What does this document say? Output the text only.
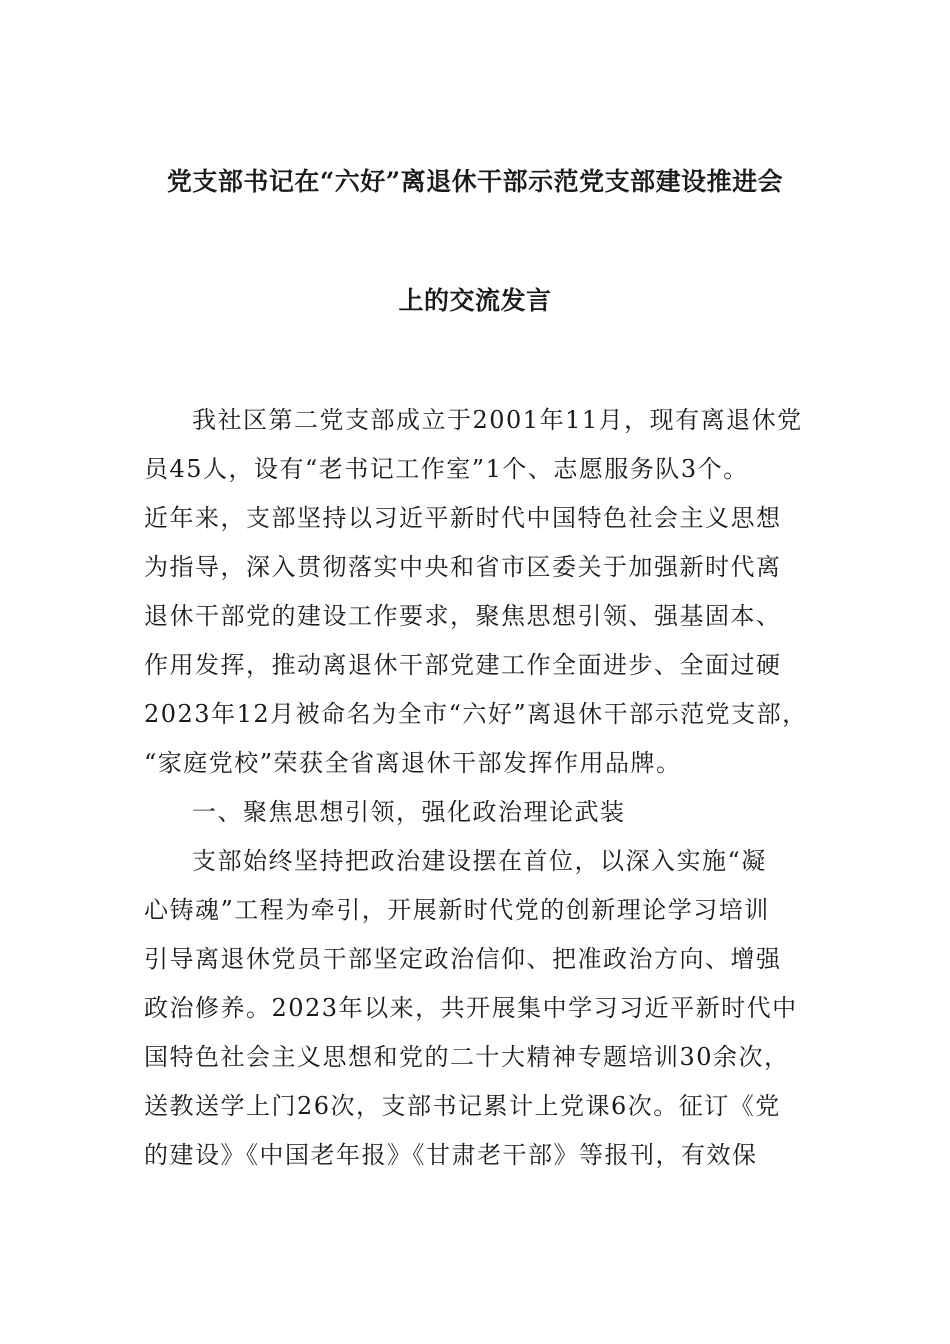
党支部书记在“六好”离退休干部示范党支部建设推进会
上的交流发言
我社区第二党支部成立于2001年11月，现有离退休党
员45人，设有“老书记工作室”1个、志愿服务队3个。
近年来，支部坚持以习近平新时代中国特色社会主义思想
为指导，深入贯彻落实中央和省市区委关于加强新时代离
退休干部党的建设工作要求，聚焦思想引领、强基固本、
作用发挥，推动离退休干部党建工作全面进步、全面过硬
2023年12月被命名为全市“六好”离退休干部示范党支部，
“家庭党校”荣获全省离退休干部发挥作用品牌。
一、聚焦思想引领，强化政治理论武装
支部始终坚持把政治建设摆在首位，以深入实施“凝
心铸魂”工程为牵引，开展新时代党的创新理论学习培训
引导离退休党员干部坚定政治信仰、把准政治方向、增强
政治修养。2023年以来，共开展集中学习习近平新时代中
国特色社会主义思想和党的二十大精神专题培训30余次，
送教送学上门26次，支部书记累计上党课6次。征订《党
的建设》《中国老年报》《甘肃老干部》等报刊，有效保
